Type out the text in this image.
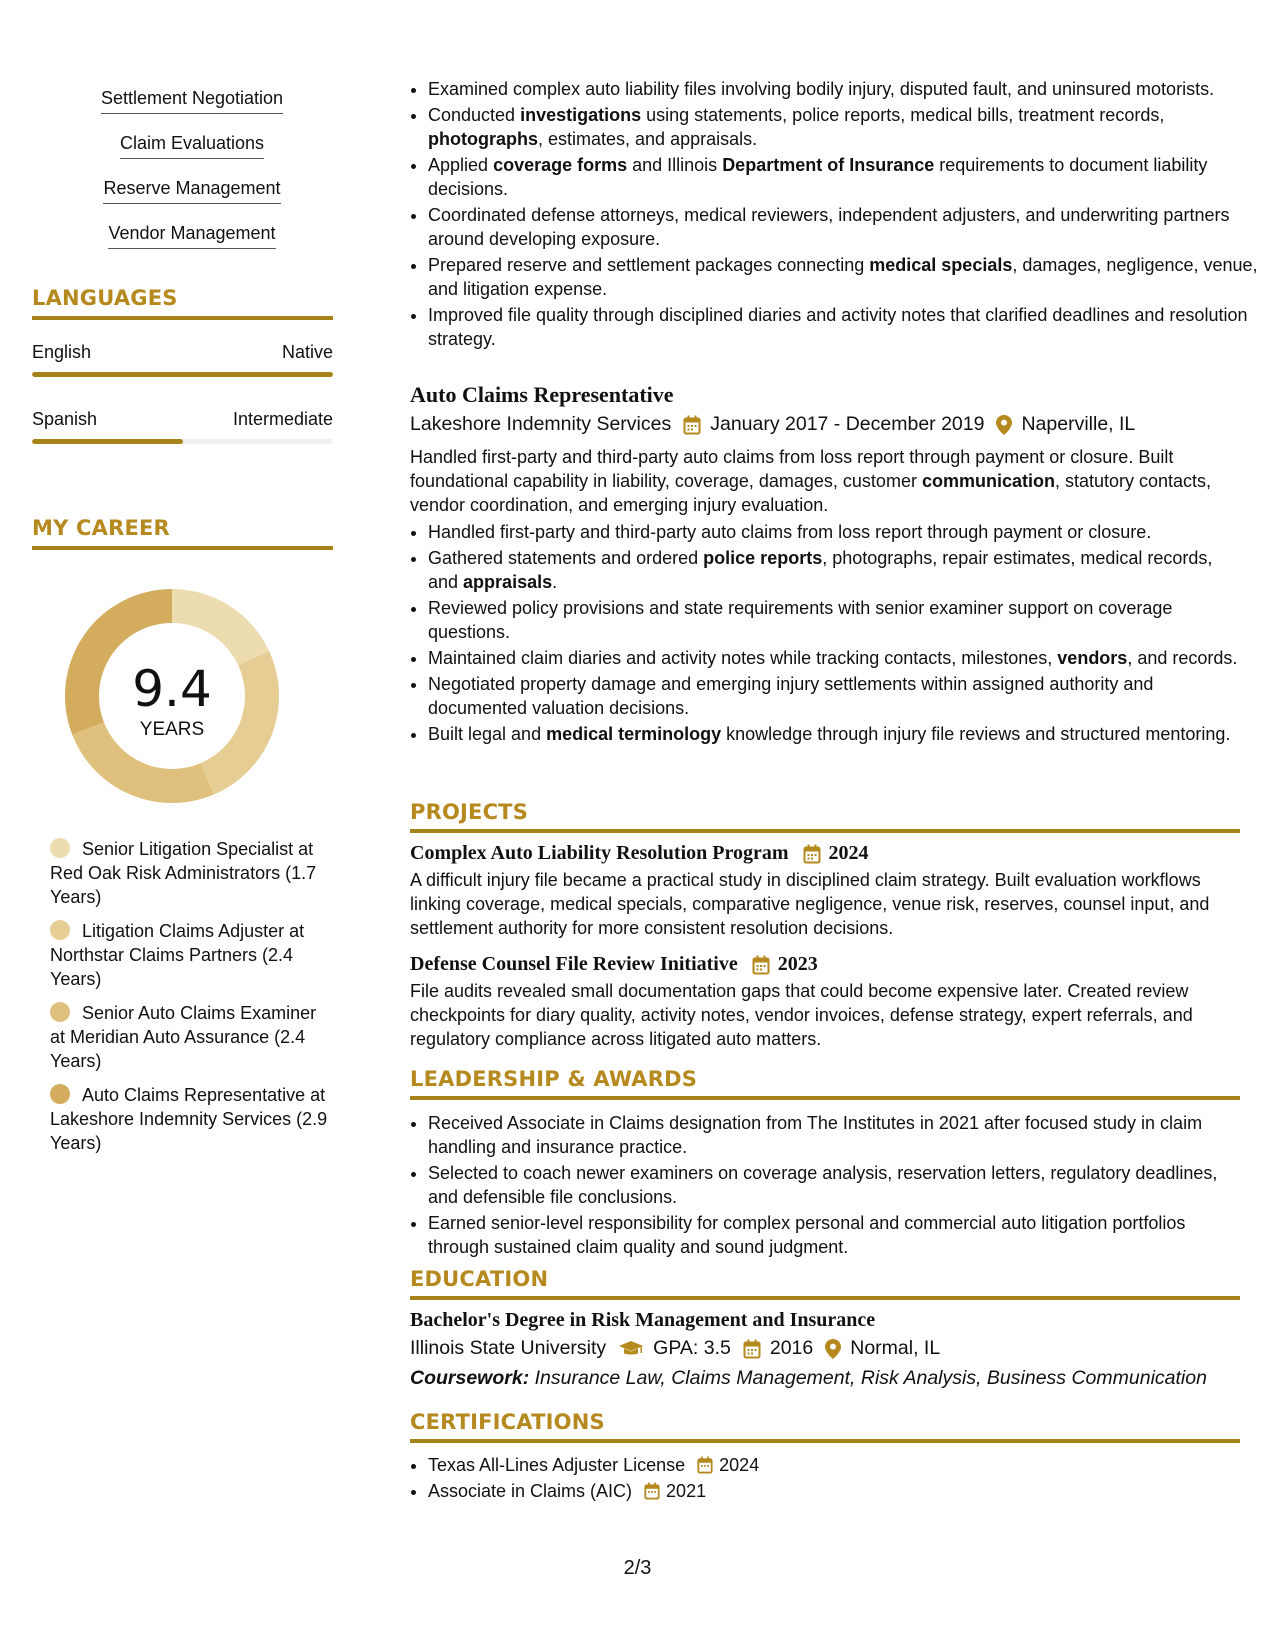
Settlement Negotiation
Claim Evaluations
Reserve Management
Vendor Management
LANGUAGES
English	Native
Spanish	Intermediate
MY CAREER
9.4
YEARS
Senior Litigation Specialist at Red Oak Risk Administrators (1.7 Years)
Litigation Claims Adjuster at Northstar Claims Partners (2.4 Years)
Senior Auto Claims Examiner at Meridian Auto Assurance (2.4 Years)
Auto Claims Representative at Lakeshore Indemnity Services (2.9 Years)
• Examined complex auto liability files involving bodily injury, disputed fault, and uninsured motorists.
• Conducted investigations using statements, police reports, medical bills, treatment records, photographs, estimates, and appraisals.
• Applied coverage forms and Illinois Department of Insurance requirements to document liability decisions.
• Coordinated defense attorneys, medical reviewers, independent adjusters, and underwriting partners around developing exposure.
• Prepared reserve and settlement packages connecting medical specials, damages, negligence, venue, and litigation expense.
• Improved file quality through disciplined diaries and activity notes that clarified deadlines and resolution strategy.
Auto Claims Representative
Lakeshore Indemnity Services January 2017 - December 2019 Naperville, IL

Handled first-party and third-party auto claims from loss report through payment or closure. Built foundational capability in liability, coverage, damages, customer communication, statutory contacts, vendor coordination, and emerging injury evaluation.

• Handled first-party and third-party auto claims from loss report through payment or closure.
• Gathered statements and ordered police reports, photographs, repair estimates, medical records, and appraisals.
• Reviewed policy provisions and state requirements with senior examiner support on coverage questions.
• Maintained claim diaries and activity notes while tracking contacts, milestones, vendors, and records.
• Negotiated property damage and emerging injury settlements within assigned authority and documented valuation decisions.
• Built legal and medical terminology knowledge through injury file reviews and structured mentoring.
PROJECTS
Complex Auto Liability Resolution Program 2024

A difficult injury file became a practical study in disciplined claim strategy. Built evaluation workflows linking coverage, medical specials, comparative negligence, venue risk, reserves, counsel input, and settlement authority for more consistent resolution decisions.

Defense Counsel File Review Initiative 2023

File audits revealed small documentation gaps that could become expensive later. Created review checkpoints for diary quality, activity notes, vendor invoices, defense strategy, expert referrals, and regulatory compliance across litigated auto matters.

LEADERSHIP & AWARDS
• Received Associate in Claims designation from The Institutes in 2021 after focused study in claim handling and insurance practice.
• Selected to coach newer examiners on coverage analysis, reservation letters, regulatory deadlines, and defensible file conclusions.
• Earned senior-level responsibility for complex personal and commercial auto litigation portfolios through sustained claim quality and sound judgment.
EDUCATION
Bachelor's Degree in Risk Management and Insurance
Illinois State University GPA: 3.5 2016 Normal, IL
Coursework: Insurance Law, Claims Management, Risk Analysis, Business Communication
CERTIFICATIONS
• Texas All-Lines Adjuster License 2024
• Associate in Claims (AIC) 2021
2/3
